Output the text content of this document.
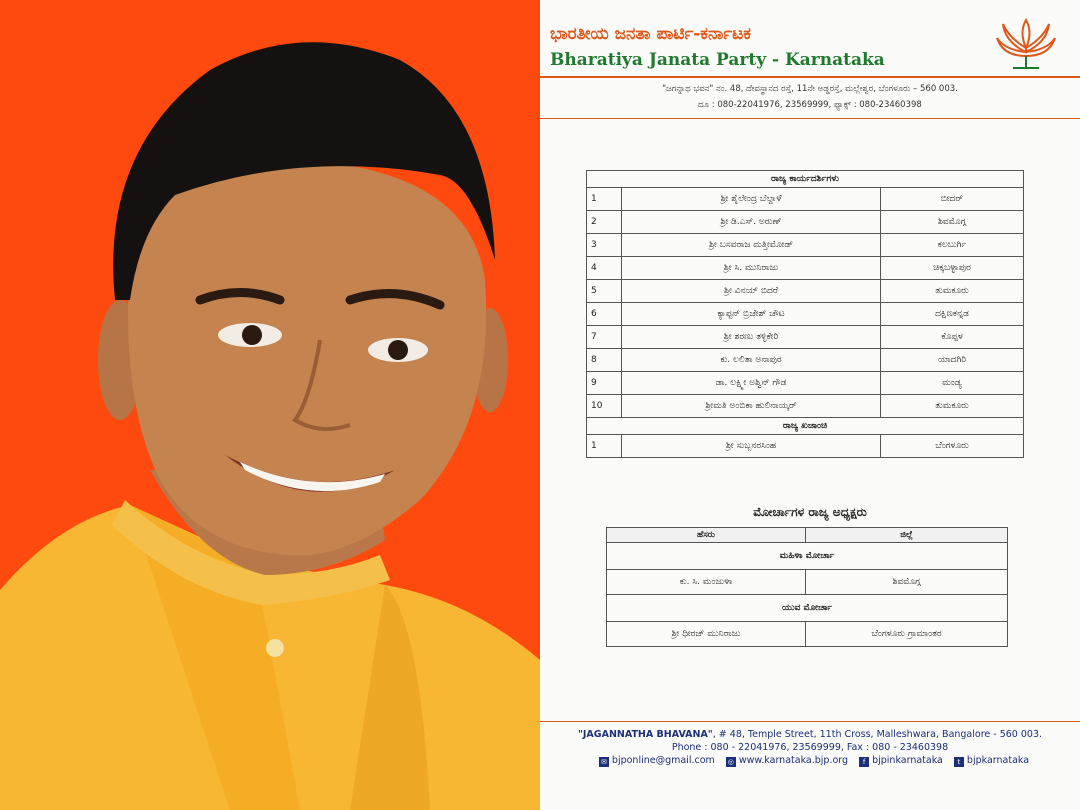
ಭಾರತೀಯ ಜನತಾ ಪಾರ್ಟಿ-ಕರ್ನಾಟಕ
Bharatiya Janata Party - Karnataka
"ಜಗನ್ನಾಥ ಭವನ" ನಂ. 48, ದೇವಸ್ಥಾನದ ರಸ್ತೆ, 11ನೇ ಅಡ್ಡರಸ್ತೆ, ಮಲ್ಲೇಶ್ವರ, ಬೆಂಗಳೂರು – 560 003.
ದೂ : 080-22041976, 23569999, ಫ್ಯಾಕ್ಸ್ : 080-23460398
ರಾಜ್ಯ ಕಾರ್ಯದರ್ಶಿಗಳು		
1	ಶ್ರೀ ಶೈಲೇಂದ್ರ ಬೆಲ್ದಾಳೆ	ಬೀದರ್
2	ಶ್ರೀ ಡಿ.ಎಸ್. ಅರುಣ್	ಶಿವಮೊಗ್ಗ
3	ಶ್ರೀ ಬಸವರಾಜ ಮತ್ತೀಮೋಡ್	ಕಲಬುರ್ಗಿ
4	ಶ್ರೀ ಸಿ. ಮುನಿರಾಜು	ಚಿಕ್ಕಬಳ್ಳಾಪುರ
5	ಶ್ರೀ ವಿನಯ್ ಬಿದರೆ	ತುಮಕೂರು
6	ಕ್ಯಾಪ್ಟನ್ ಬ್ರಿಜೇಶ್ ಚೌಟ	ದಕ್ಷಿಣಕನ್ನಡ
7	ಶ್ರೀ ಶರಣು ತಳ್ಳಿಕೇರಿ	ಕೊಪ್ಪಳ
8	ಕು. ಲಲಿತಾ ಅನಾಪುರ	ಯಾದಗಿರಿ
9	ಡಾ. ಲಕ್ಷ್ಮೀ ಅಶ್ವಿನ್ ಗೌಡ	ಮಂಡ್ಯ
10	ಶ್ರೀಮತಿ ಅಂಬಿಕಾ ಹುಲಿನಾಯ್ಕರ್	ತುಮಕೂರು
ರಾಜ್ಯ ಖಜಾಂಚಿ		
1	ಶ್ರೀ ಸುಬ್ಬನರಸಿಂಹ	ಬೆಂಗಳೂರು
ಮೋರ್ಚಾಗಳ ರಾಜ್ಯ ಅಧ್ಯಕ್ಷರು
ಹೆಸರು	ಜಿಲ್ಲೆ
ಮಹಿಳಾ ಮೋರ್ಚಾ	
ಕು. ಸಿ. ಮಂಜುಳಾ	ಶಿವಮೊಗ್ಗ
ಯುವ ಮೋರ್ಚಾ	
ಶ್ರೀ ಧೀರಜ್ ಮುನಿರಾಜು	ಬೆಂಗಳೂರು ಗ್ರಾಮಾಂತರ
"JAGANNATHA BHAVANA", # 48, Temple Street, 11th Cross, Malleshwara, Bangalore - 560 003.
Phone : 080 - 22041976, 23569999, Fax : 080 - 23460398
✉ bjponline@gmail.com ◎ www.karnataka.bjp.org f bjpinkarnataka t bjpkarnataka
